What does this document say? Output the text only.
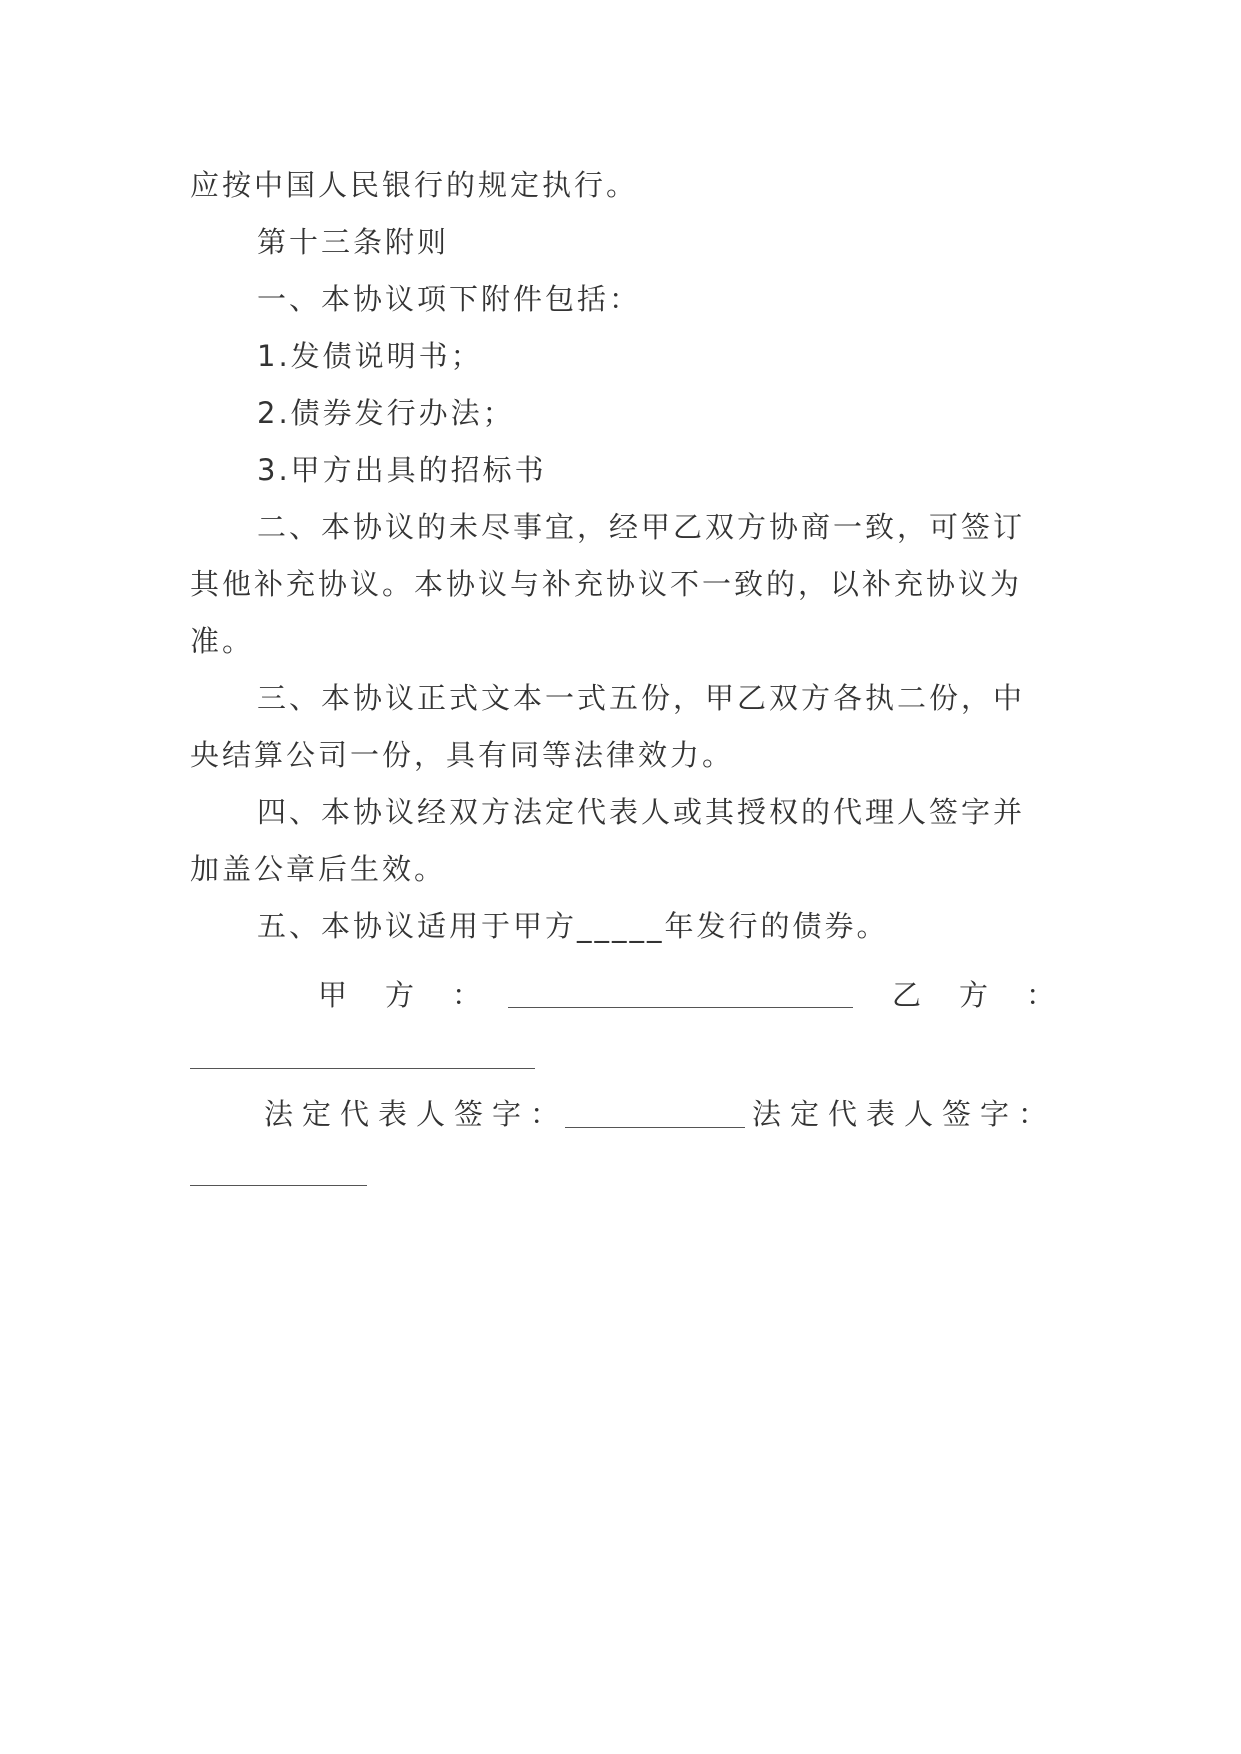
应按中国人民银行的规定执行。
第十三条附则
一、本协议项下附件包括：
1.发债说明书；
2.债券发行办法；
3.甲方出具的招标书
二、本协议的未尽事宜，经甲乙双方协商一致，可签订
其他补充协议。本协议与补充协议不一致的，以补充协议为
准。
三、本协议正式文本一式五份，甲乙双方各执二份，中
央结算公司一份，具有同等法律效力。
四、本协议经双方法定代表人或其授权的代理人签字并
加盖公章后生效。
五、本协议适用于甲方_____年发行的债券。
甲方：	乙方：
法定代表人签字：	法定代表人签字：
